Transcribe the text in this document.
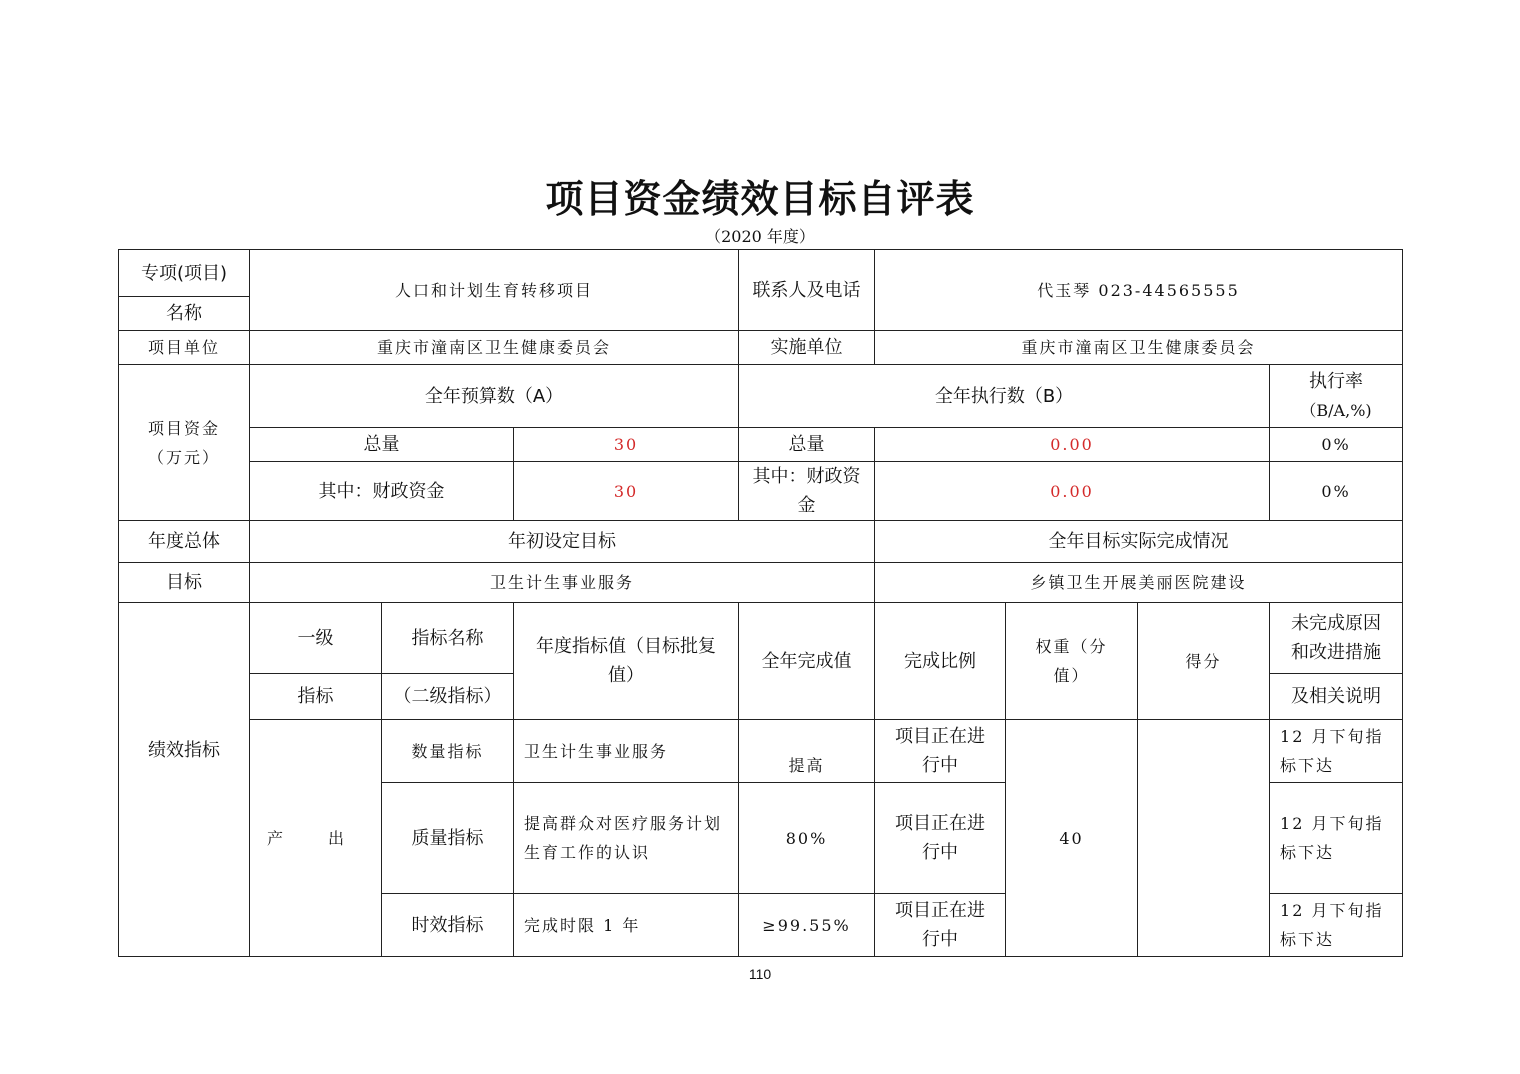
项目资金绩效目标自评表
（2020 年度）
专项(项目)	人口和计划生育转移项目			联系人及电话	代玉琴 023-44565555			
名称								
项目单位	重庆市潼南区卫生健康委员会			实施单位	重庆市潼南区卫生健康委员会			
项目资金
（万元）	全年预算数（A）			全年执行数（B）				执行率
（B/A,%)
	总量		30	总量	0.00			0%
	其中：财政资金		30	其中：财政资金	0.00			0%
年度总体	年初设定目标				全年目标实际完成情况			
目标	卫生计生事业服务				乡镇卫生开展美丽医院建设			
绩效指标	一级	指标名称	年度指标值（目标批复值）	全年完成值	完成比例	权重（分值）	得分	未完成原因和改进措施
	指标	（二级指标）						及相关说明
	产 出	数量指标	卫生计生事业服务	提高	项目正在进行中	40		12 月下旬指标下达
		质量指标	提高群众对医疗服务计划生育工作的认识	80%	项目正在进行中			12 月下旬指标下达
		时效指标	完成时限 1 年	≥99.55%	项目正在进行中			12 月下旬指标下达
110
